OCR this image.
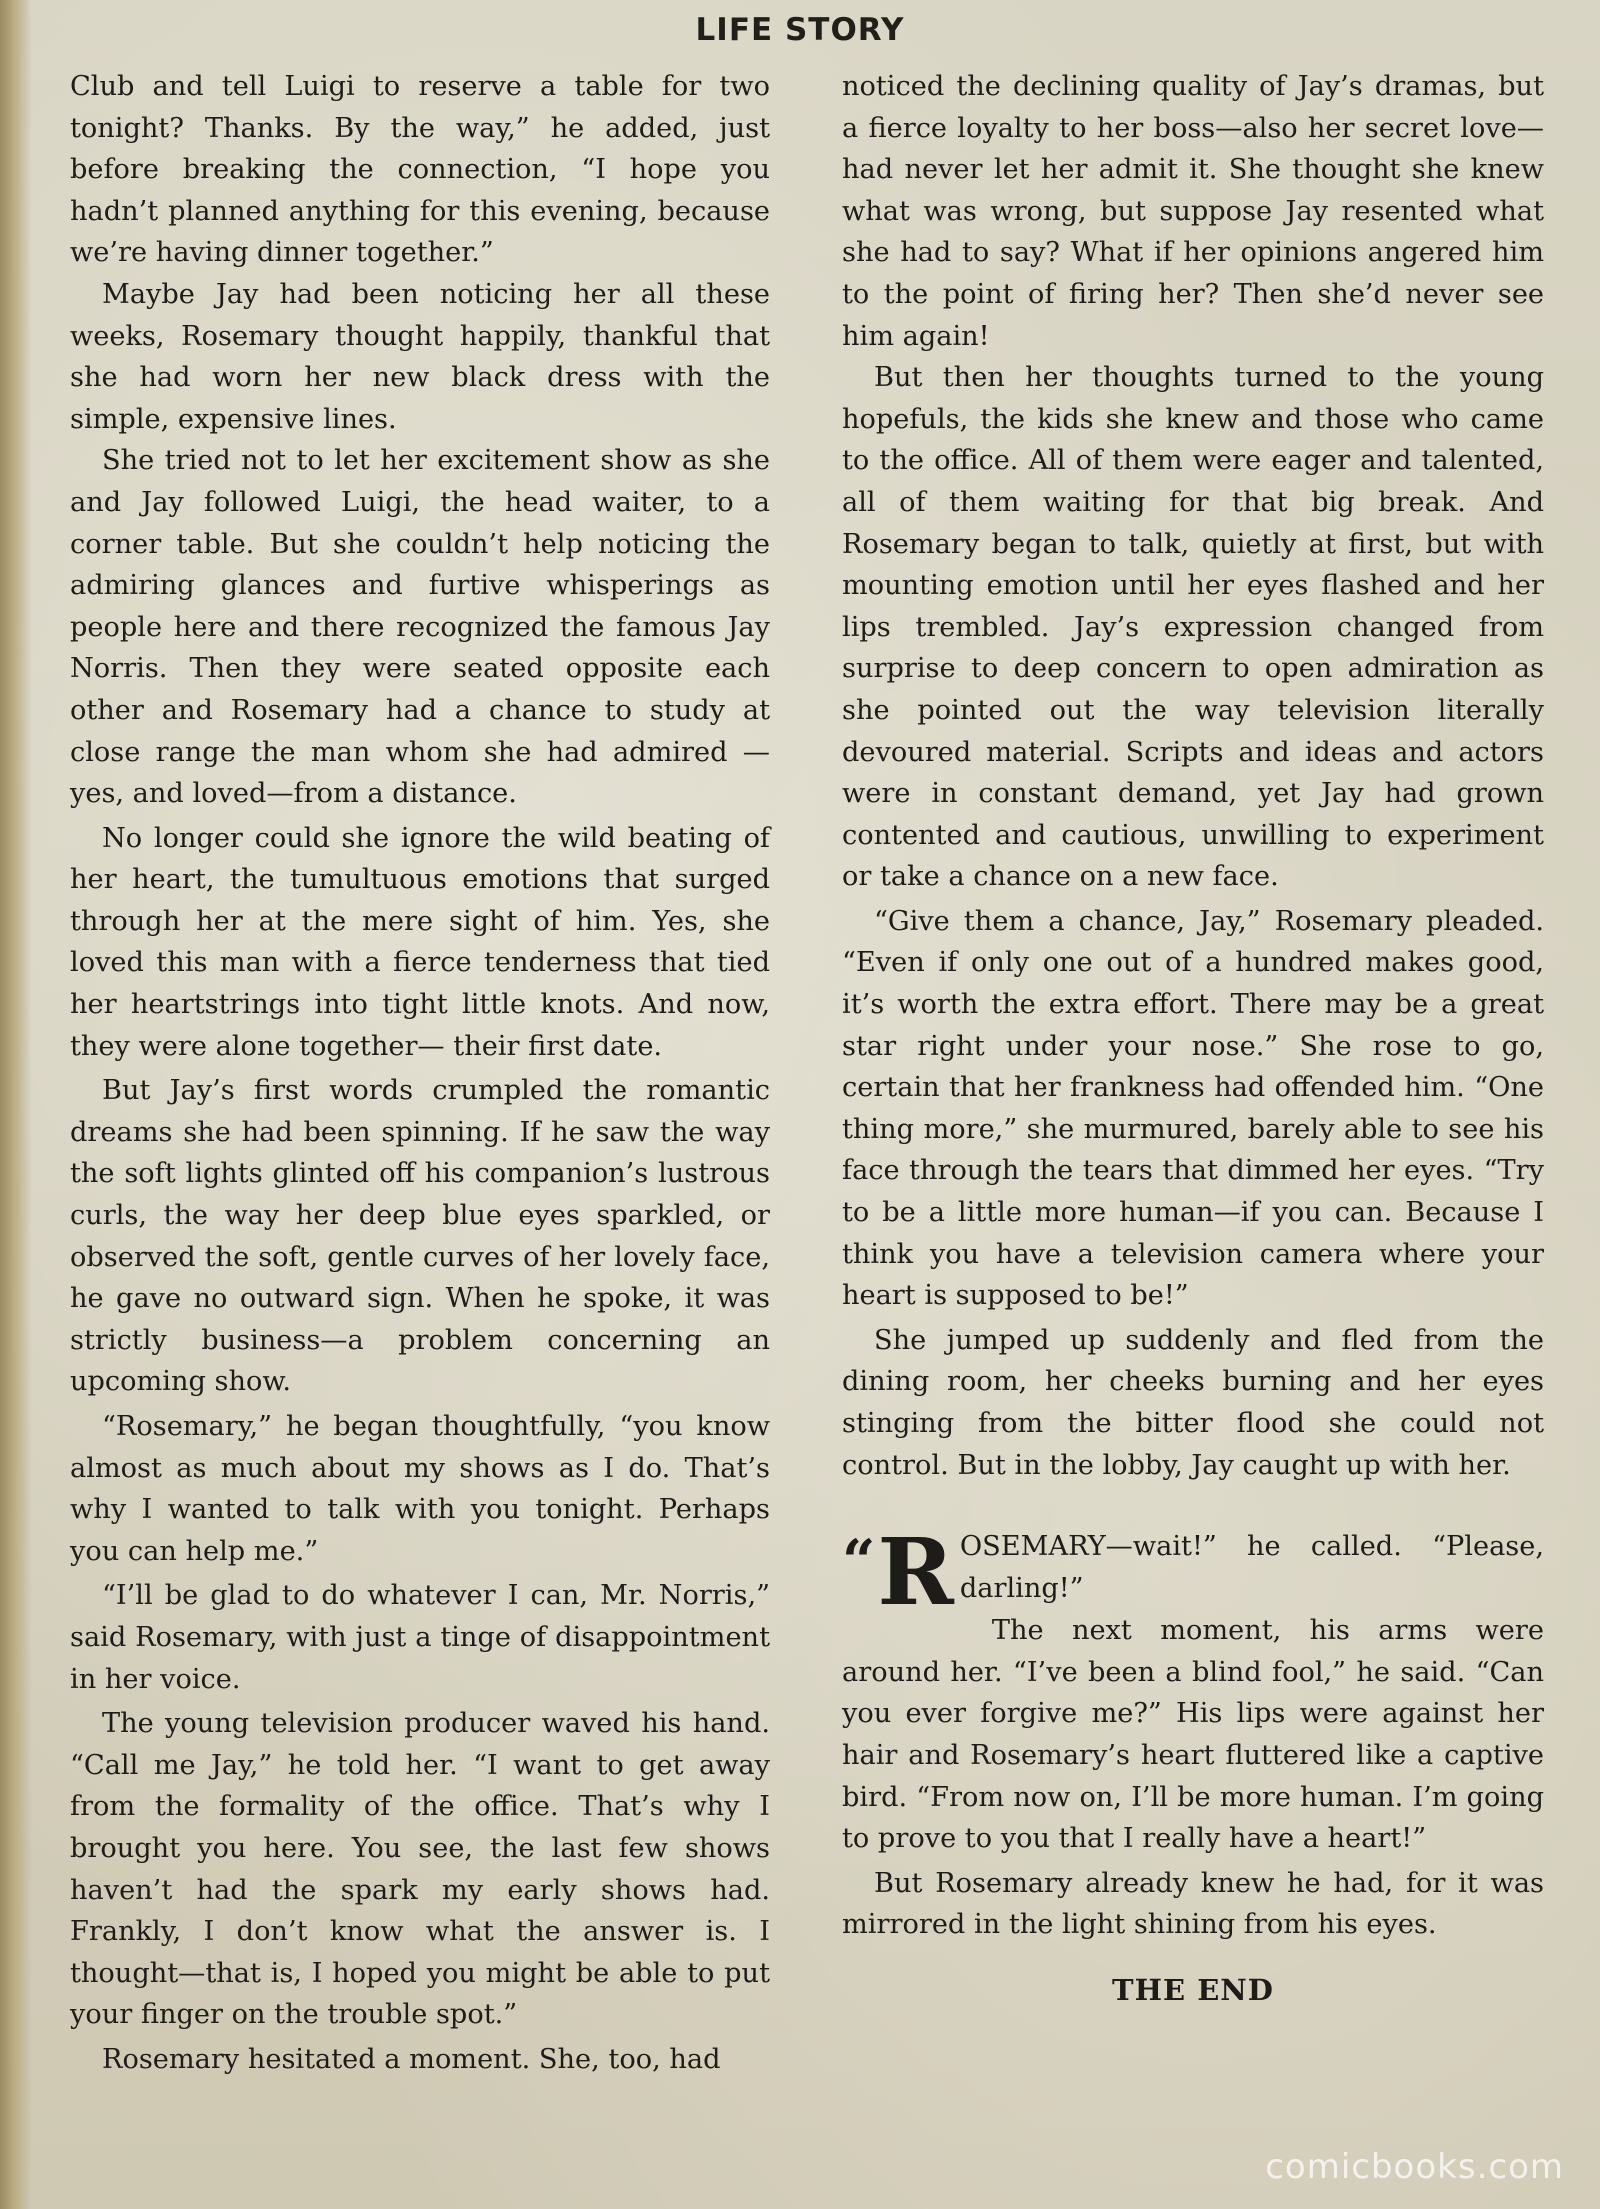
LIFE STORY

Club and tell Luigi to reserve a table for two tonight? Thanks. By the way,” he added, just before breaking the connection, “I hope you hadn’t planned anything for this evening, because we’re having dinner together.”

Maybe Jay had been noticing her all these weeks, Rosemary thought happily, thankful that she had worn her new black dress with the simple, expensive lines.

She tried not to let her excitement show as she and Jay followed Luigi, the head waiter, to a corner table. But she couldn’t help noticing the admiring glances and furtive whisperings as people here and there recognized the famous Jay Norris. Then they were seated opposite each other and Rosemary had a chance to study at close range the man whom she had admired —yes, and loved—from a distance.

No longer could she ignore the wild beating of her heart, the tumultuous emotions that surged through her at the mere sight of him. Yes, she loved this man with a fierce tenderness that tied her heartstrings into tight little knots. And now, they were alone together— their first date.

But Jay’s first words crumpled the romantic dreams she had been spinning. If he saw the way the soft lights glinted off his companion’s lustrous curls, the way her deep blue eyes sparkled, or observed the soft, gentle curves of her lovely face, he gave no outward sign. When he spoke, it was strictly business—a problem concerning an upcoming show.

“Rosemary,” he began thoughtfully, “you know almost as much about my shows as I do. That’s why I wanted to talk with you tonight. Perhaps you can help me.”

“I’ll be glad to do whatever I can, Mr. Norris,” said Rosemary, with just a tinge of disappointment in her voice.

The young television producer waved his hand. “Call me Jay,” he told her. “I want to get away from the formality of the office. That’s why I brought you here. You see, the last few shows haven’t had the spark my early shows had. Frankly, I don’t know what the answer is. I thought—that is, I hoped you might be able to put your finger on the trouble spot.”

Rosemary hesitated a moment. She, too, had

noticed the declining quality of Jay’s dramas, but a fierce loyalty to her boss—also her secret love—had never let her admit it. She thought she knew what was wrong, but suppose Jay resented what she had to say? What if her opinions angered him to the point of firing her? Then she’d never see him again!

But then her thoughts turned to the young hopefuls, the kids she knew and those who came to the office. All of them were eager and talented, all of them waiting for that big break. And Rosemary began to talk, quietly at first, but with mounting emotion until her eyes flashed and her lips trembled. Jay’s expression changed from surprise to deep concern to open admiration as she pointed out the way television literally devoured material. Scripts and ideas and actors were in constant demand, yet Jay had grown contented and cautious, unwilling to experiment or take a chance on a new face.

“Give them a chance, Jay,” Rosemary pleaded. “Even if only one out of a hundred makes good, it’s worth the extra effort. There may be a great star right under your nose.” She rose to go, certain that her frankness had offended him. “One thing more,” she murmured, barely able to see his face through the tears that dimmed her eyes. “Try to be a little more human—if you can. Because I think you have a television camera where your heart is supposed to be!”

She jumped up suddenly and fled from the dining room, her cheeks burning and her eyes stinging from the bitter flood she could not control. But in the lobby, Jay caught up with her.

“ R OSEMARY—wait!” he called. “Please, darling!”

The next moment, his arms were around her. “I’ve been a blind fool,” he said. “Can you ever forgive me?” His lips were against her hair and Rosemary’s heart fluttered like a captive bird. “From now on, I’ll be more human. I’m going to prove to you that I really have a heart!”

But Rosemary already knew he had, for it was mirrored in the light shining from his eyes.

THE END

comicbooks.com
